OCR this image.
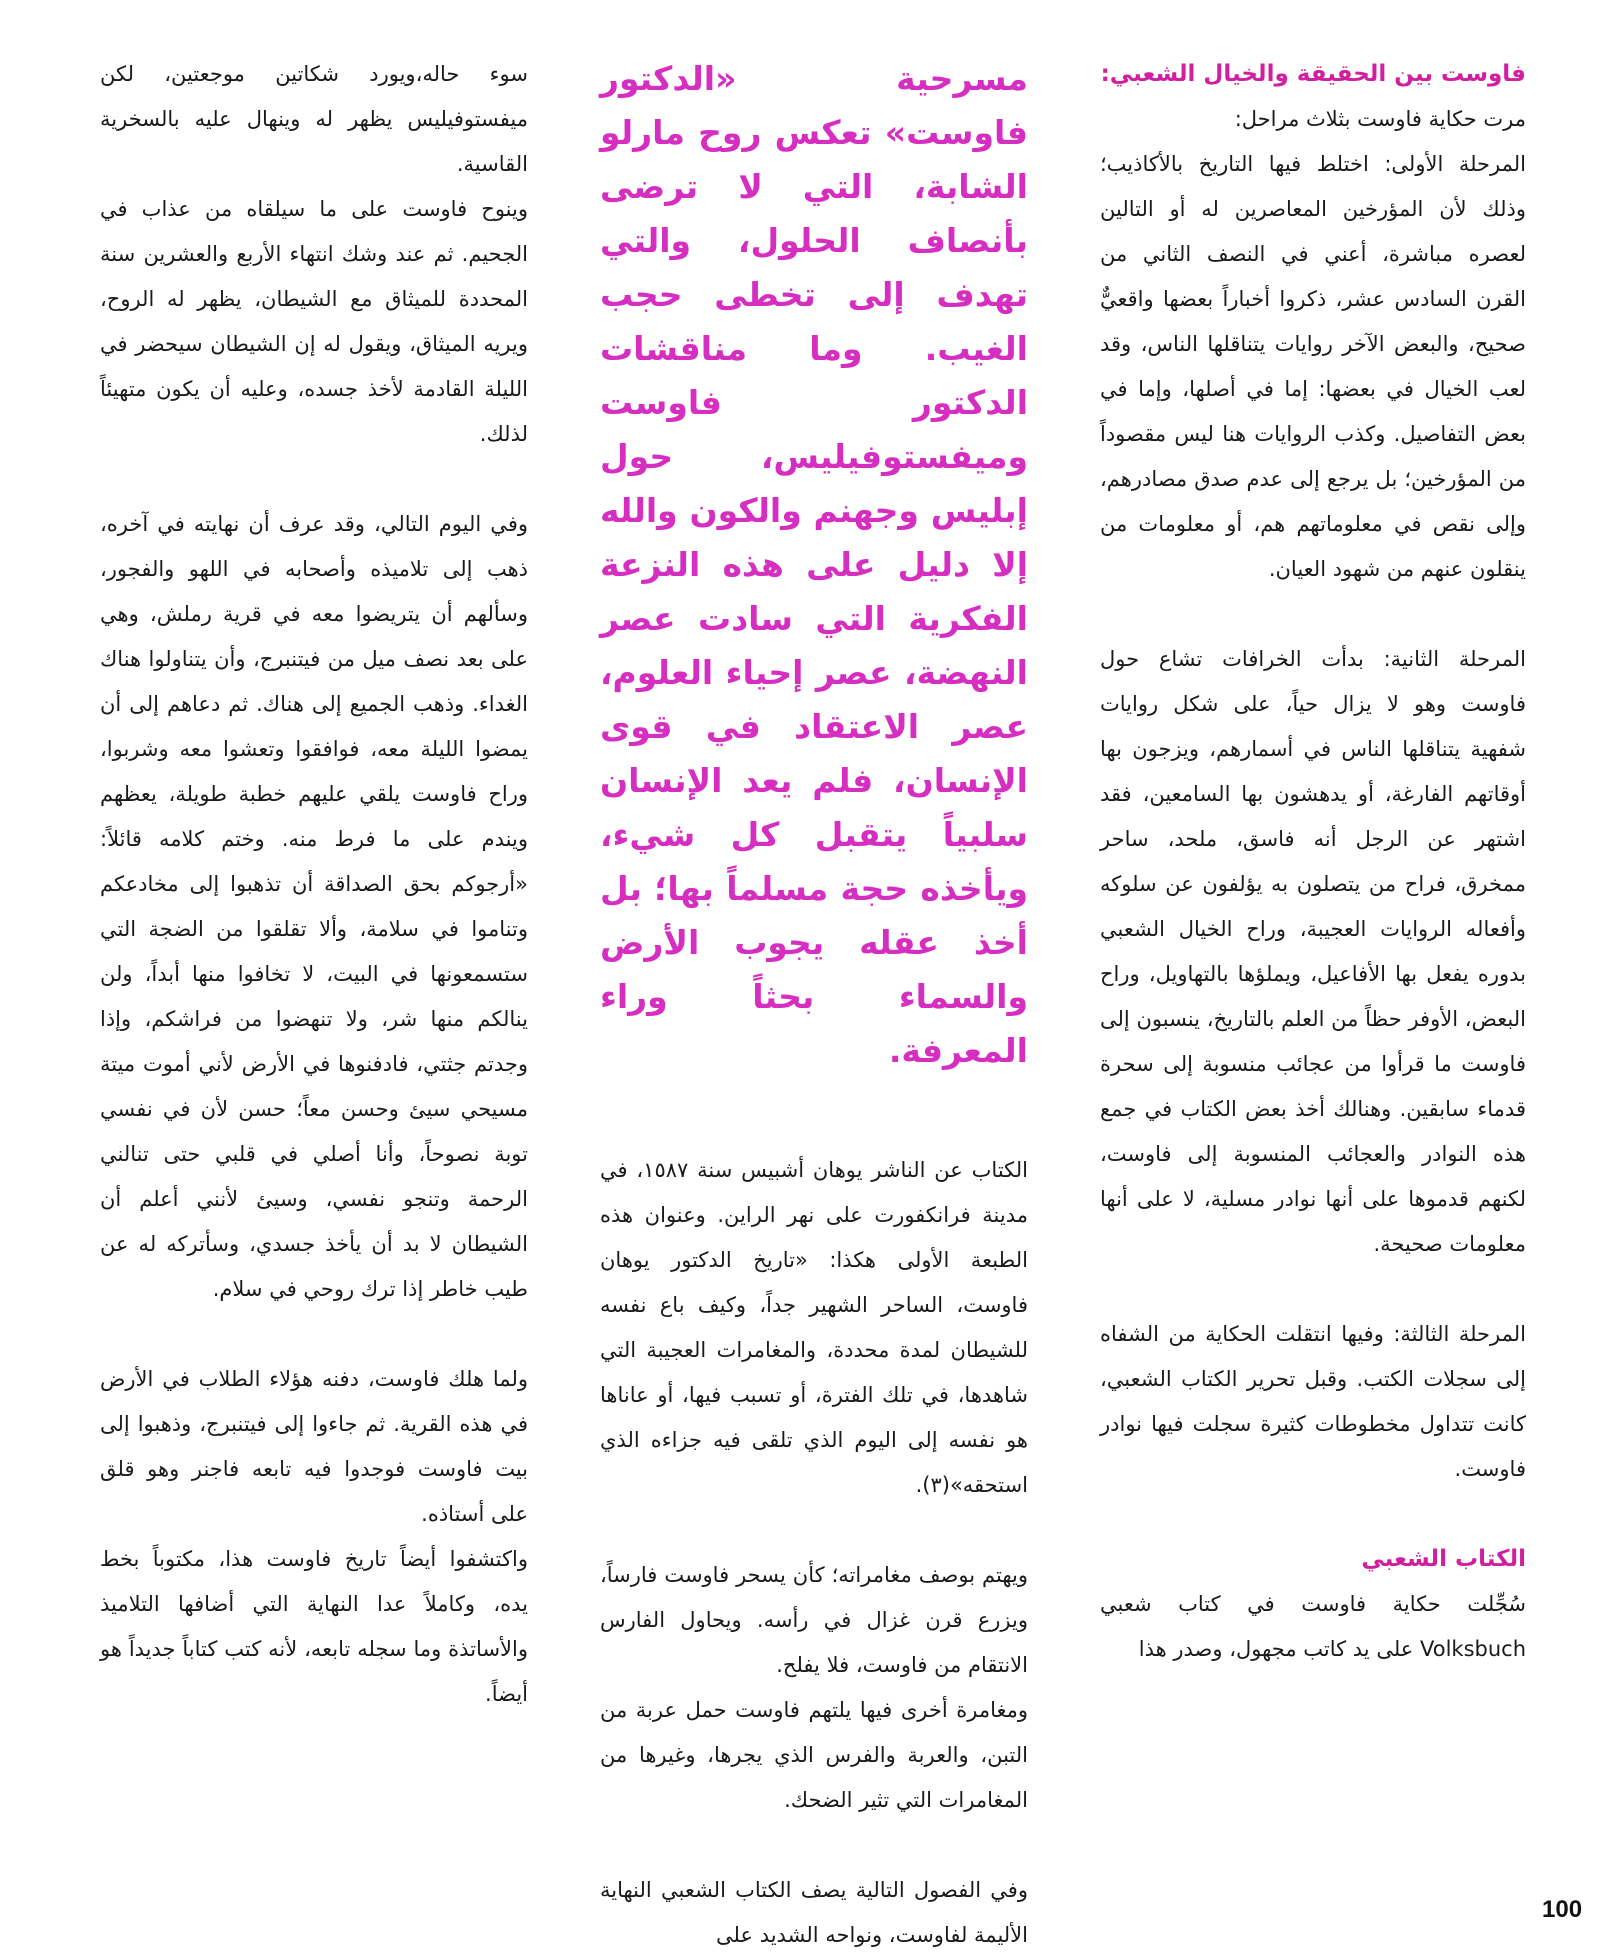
فاوست بين الحقيقة والخيال الشعبي:

مرت حكاية فاوست بثلاث مراحل:

المرحلة الأولى: اختلط فيها التاريخ بالأكاذيب؛ وذلك لأن المؤرخين المعاصرين له أو التالين لعصره مباشرة، أعني في النصف الثاني من القرن السادس عشر، ذكروا أخباراً بعضها واقعيٌّ صحيح، والبعض الآخر روايات يتناقلها الناس، وقد لعب الخيال في بعضها: إما في أصلها، وإما في بعض التفاصيل. وكذب الروايات هنا ليس مقصوداً من المؤرخين؛ بل يرجع إلى عدم صدق مصادرهم، وإلى نقص في معلوماتهم هم، أو معلومات من ينقلون عنهم من شهود العيان.

المرحلة الثانية: بدأت الخرافات تشاع حول فاوست وهو لا يزال حياً، على شكل روايات شفهية يتناقلها الناس في أسمارهم، ويزجون بها أوقاتهم الفارغة، أو يدهشون بها السامعين، فقد اشتهر عن الرجل أنه فاسق، ملحد، ساحر ممخرق، فراح من يتصلون به يؤلفون عن سلوكه وأفعاله الروايات العجيبة، وراح الخيال الشعبي بدوره يفعل بها الأفاعيل، ويملؤها بالتهاويل، وراح البعض، الأوفر حظاً من العلم بالتاريخ، ينسبون إلى فاوست ما قرأوا من عجائب منسوبة إلى سحرة قدماء سابقين. وهنالك أخذ بعض الكتاب في جمع هذه النوادر والعجائب المنسوبة إلى فاوست، لكنهم قدموها على أنها نوادر مسلية، لا على أنها معلومات صحيحة.

المرحلة الثالثة: وفيها انتقلت الحكاية من الشفاه إلى سجلات الكتب. وقبل تحرير الكتاب الشعبي، كانت تتداول مخطوطات كثيرة سجلت فيها نوادر فاوست.

الكتاب الشعبي

سُجِّلت حكاية فاوست في كتاب شعبي Volksbuch على يد كاتب مجهول، وصدر هذا

مسرحية «الدكتور فاوست» تعكس روح مارلو الشابة، التي لا ترضى بأنصاف الحلول، والتي تهدف إلى تخطى حجب الغيب. وما مناقشات الدكتور فاوست وميفستوفيليس، حول إبليس وجهنم والكون والله إلا دليل على هذه النزعة الفكرية التي سادت عصر النهضة، عصر إحياء العلوم، عصر الاعتقاد في قوى الإنسان، فلم يعد الإنسان سلبياً يتقبل كل شيء، ويأخذه حجة مسلماً بها؛ بل أخذ عقله يجوب الأرض والسماء بحثاً وراء المعرفة.

الكتاب عن الناشر يوهان أشبيس سنة ١٥٨٧، في مدينة فرانكفورت على نهر الراين. وعنوان هذه الطبعة الأولى هكذا: «تاريخ الدكتور يوهان فاوست، الساحر الشهير جداً، وكيف باع نفسه للشيطان لمدة محددة، والمغامرات العجيبة التي شاهدها، في تلك الفترة، أو تسبب فيها، أو عاناها هو نفسه إلى اليوم الذي تلقى فيه جزاءه الذي استحقه»(٣).

ويهتم بوصف مغامراته؛ كأن يسحر فاوست فارساً، ويزرع قرن غزال في رأسه. ويحاول الفارس الانتقام من فاوست، فلا يفلح.

ومغامرة أخرى فيها يلتهم فاوست حمل عربة من التبن، والعربة والفرس الذي يجرها، وغيرها من المغامرات التي تثير الضحك.

وفي الفصول التالية يصف الكتاب الشعبي النهاية الأليمة لفاوست، ونواحه الشديد على

سوء حاله،ويورد شكاتين موجعتين، لكن ميفستوفيليس يظهر له وينهال عليه بالسخرية القاسية.

وينوح فاوست على ما سيلقاه من عذاب في الجحيم. ثم عند وشك انتهاء الأربع والعشرين سنة المحددة للميثاق مع الشيطان، يظهر له الروح، ويريه الميثاق، ويقول له إن الشيطان سيحضر في الليلة القادمة لأخذ جسده، وعليه أن يكون متهيئاً لذلك.

وفي اليوم التالي، وقد عرف أن نهايته في آخره، ذهب إلى تلاميذه وأصحابه في اللهو والفجور، وسألهم أن يتريضوا معه في قرية رملش، وهي على بعد نصف ميل من فيتنبرج، وأن يتناولوا هناك الغداء. وذهب الجميع إلى هناك. ثم دعاهم إلى أن يمضوا الليلة معه، فوافقوا وتعشوا معه وشربوا، وراح فاوست يلقي عليهم خطبة طويلة، يعظهم ويندم على ما فرط منه. وختم كلامه قائلاً: «أرجوكم بحق الصداقة أن تذهبوا إلى مخادعكم وتناموا في سلامة، وألا تقلقوا من الضجة التي ستسمعونها في البيت، لا تخافوا منها أبداً، ولن ينالكم منها شر، ولا تنهضوا من فراشكم، وإذا وجدتم جثتي، فادفنوها في الأرض لأني أموت ميتة مسيحي سيئ وحسن معاً؛ حسن لأن في نفسي توبة نصوحاً، وأنا أصلي في قلبي حتى تنالني الرحمة وتنجو نفسي، وسيئ لأنني أعلم أن الشيطان لا بد أن يأخذ جسدي، وسأتركه له عن طيب خاطر إذا ترك روحي في سلام.

ولما هلك فاوست، دفنه هؤلاء الطلاب في الأرض في هذه القرية. ثم جاءوا إلى فيتنبرج، وذهبوا إلى بيت فاوست فوجدوا فيه تابعه فاجنر وهو قلق على أستاذه.

واكتشفوا أيضاً تاريخ فاوست هذا، مكتوباً بخط يده، وكاملاً عدا النهاية التي أضافها التلاميذ والأساتذة وما سجله تابعه، لأنه كتب كتاباً جديداً هو أيضاً.

100
